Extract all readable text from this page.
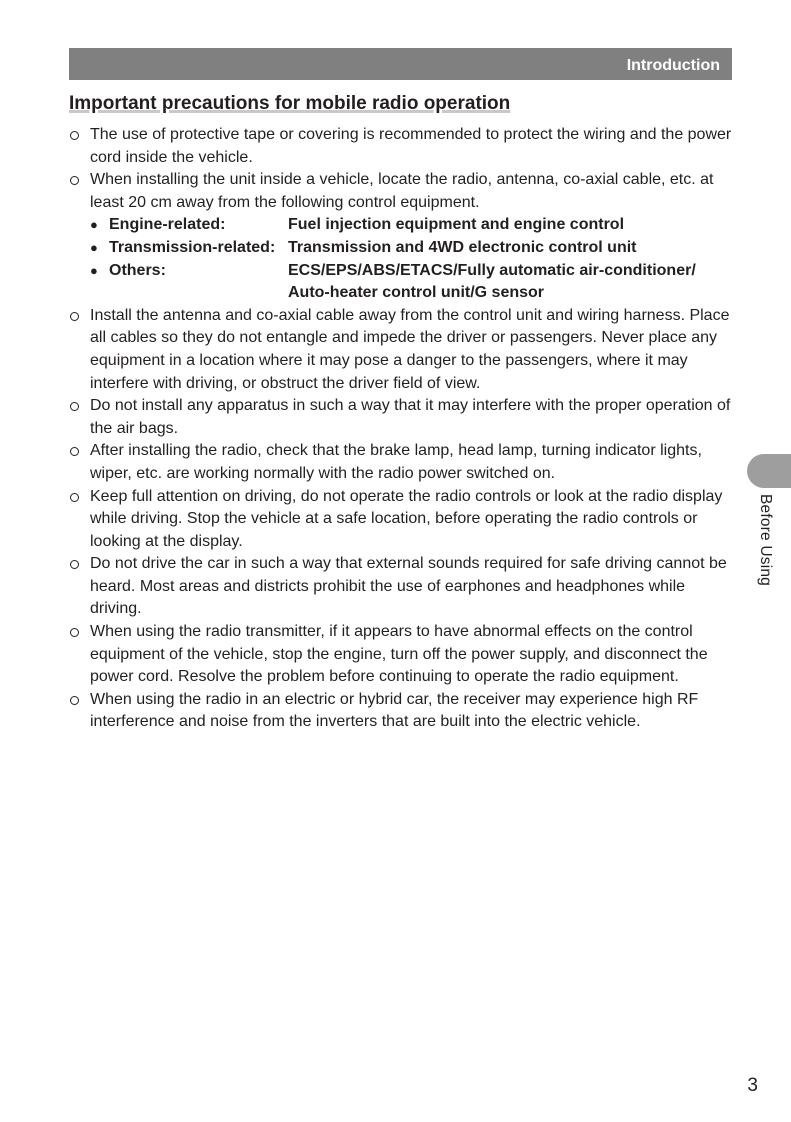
Introduction
Important precautions for mobile radio operation
The use of protective tape or covering is recommended to protect the wiring and the power cord inside the vehicle.
When installing the unit inside a vehicle, locate the radio, antenna, co-axial cable, etc. at least 20 cm away from the following control equipment.
● Engine-related:	Fuel injection equipment and engine control
● Transmission-related: Transmission and 4WD electronic control unit
● Others:	ECS/EPS/ABS/ETACS/Fully automatic air-conditioner/ Auto-heater control unit/G sensor
Install the antenna and co-axial cable away from the control unit and wiring harness. Place all cables so they do not entangle and impede the driver or passengers. Never place any equipment in a location where it may pose a danger to the passengers, where it may interfere with driving, or obstruct the driver field of view.
Do not install any apparatus in such a way that it may interfere with the proper operation of the air bags.
After installing the radio, check that the brake lamp, head lamp, turning indicator lights, wiper, etc. are working normally with the radio power switched on.
Keep full attention on driving, do not operate the radio controls or look at the radio display while driving. Stop the vehicle at a safe location, before operating the radio controls or looking at the display.
Do not drive the car in such a way that external sounds required for safe driving cannot be heard. Most areas and districts prohibit the use of earphones and headphones while driving.
When using the radio transmitter, if it appears to have abnormal effects on the control equipment of the vehicle, stop the engine, turn off the power supply, and disconnect the power cord. Resolve the problem before continuing to operate the radio equipment.
When using the radio in an electric or hybrid car, the receiver may experience high RF interference and noise from the inverters that are built into the electric vehicle.
Before Using
3
